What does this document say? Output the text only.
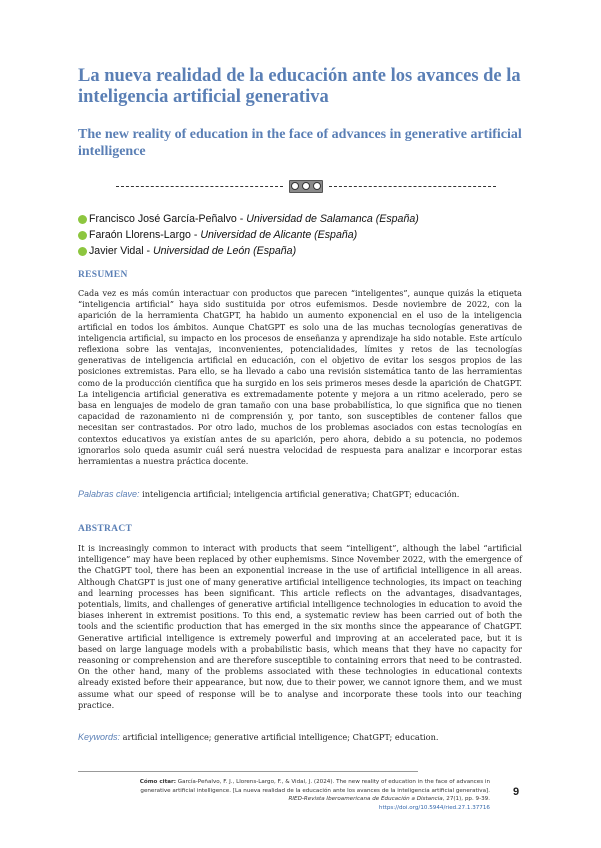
La nueva realidad de la educación ante los avances de la inteligencia artificial generativa
The new reality of education in the face of advances in generative artificial intelligence
Francisco José García-Peñalvo - Universidad de Salamanca (España)
Faraón Llorens-Largo - Universidad de Alicante (España)
Javier Vidal - Universidad de León (España)
RESUMEN

Cada vez es más común interactuar con productos que parecen “inteligentes”, aunque quizás la etiqueta “inteligencia artificial” haya sido sustituida por otros eufemismos. Desde noviembre de 2022, con la aparición de la herramienta ChatGPT, ha habido un aumento exponencial en el uso de la inteligencia artificial en todos los ámbitos. Aunque ChatGPT es solo una de las muchas tecnologías generativas de inteligencia artificial, su impacto en los procesos de enseñanza y aprendizaje ha sido notable. Este artículo reflexiona sobre las ventajas, inconvenientes, potencialidades, límites y retos de las tecnologías generativas de inteligencia artificial en educación, con el objetivo de evitar los sesgos propios de las posiciones extremistas. Para ello, se ha llevado a cabo una revisión sistemática tanto de las herramientas como de la producción científica que ha surgido en los seis primeros meses desde la aparición de ChatGPT. La inteligencia artificial generativa es extremadamente potente y mejora a un ritmo acelerado, pero se basa en lenguajes de modelo de gran tamaño con una base probabilística, lo que significa que no tienen capacidad de razonamiento ni de comprensión y, por tanto, son susceptibles de contener fallos que necesitan ser contrastados. Por otro lado, muchos de los problemas asociados con estas tecnologías en contextos educativos ya existían antes de su aparición, pero ahora, debido a su potencia, no podemos ignorarlos solo queda asumir cuál será nuestra velocidad de respuesta para analizar e incorporar estas herramientas a nuestra práctica docente.

Palabras clave: inteligencia artificial; inteligencia artificial generativa; ChatGPT; educación.
ABSTRACT

It is increasingly common to interact with products that seem “intelligent”, although the label “artificial intelligence” may have been replaced by other euphemisms. Since November 2022, with the emergence of the ChatGPT tool, there has been an exponential increase in the use of artificial intelligence in all areas. Although ChatGPT is just one of many generative artificial intelligence technologies, its impact on teaching and learning processes has been significant. This article reflects on the advantages, disadvantages, potentials, limits, and challenges of generative artificial intelligence technologies in education to avoid the biases inherent in extremist positions. To this end, a systematic review has been carried out of both the tools and the scientific production that has emerged in the six months since the appearance of ChatGPT. Generative artificial intelligence is extremely powerful and improving at an accelerated pace, but it is based on large language models with a probabilistic basis, which means that they have no capacity for reasoning or comprehension and are therefore susceptible to containing errors that need to be contrasted. On the other hand, many of the problems associated with these technologies in educational contexts already existed before their appearance, but now, due to their power, we cannot ignore them, and we must assume what our speed of response will be to analyse and incorporate these tools into our teaching practice.

Keywords: artificial intelligence; generative artificial intelligence; ChatGPT; education.
Cómo citar: García-Peñalvo, F. J., Llorens-Largo, F., & Vidal, J. (2024). The new reality of education in the face of advances in generative artificial intelligence. [La nueva realidad de la educación ante los avances de la inteligencia artificial generativa]. RIED-Revista Iberoamericana de Educación a Distancia, 27(1), pp. 9-39.
https://doi.org/10.5944/ried.27.1.37716
9
